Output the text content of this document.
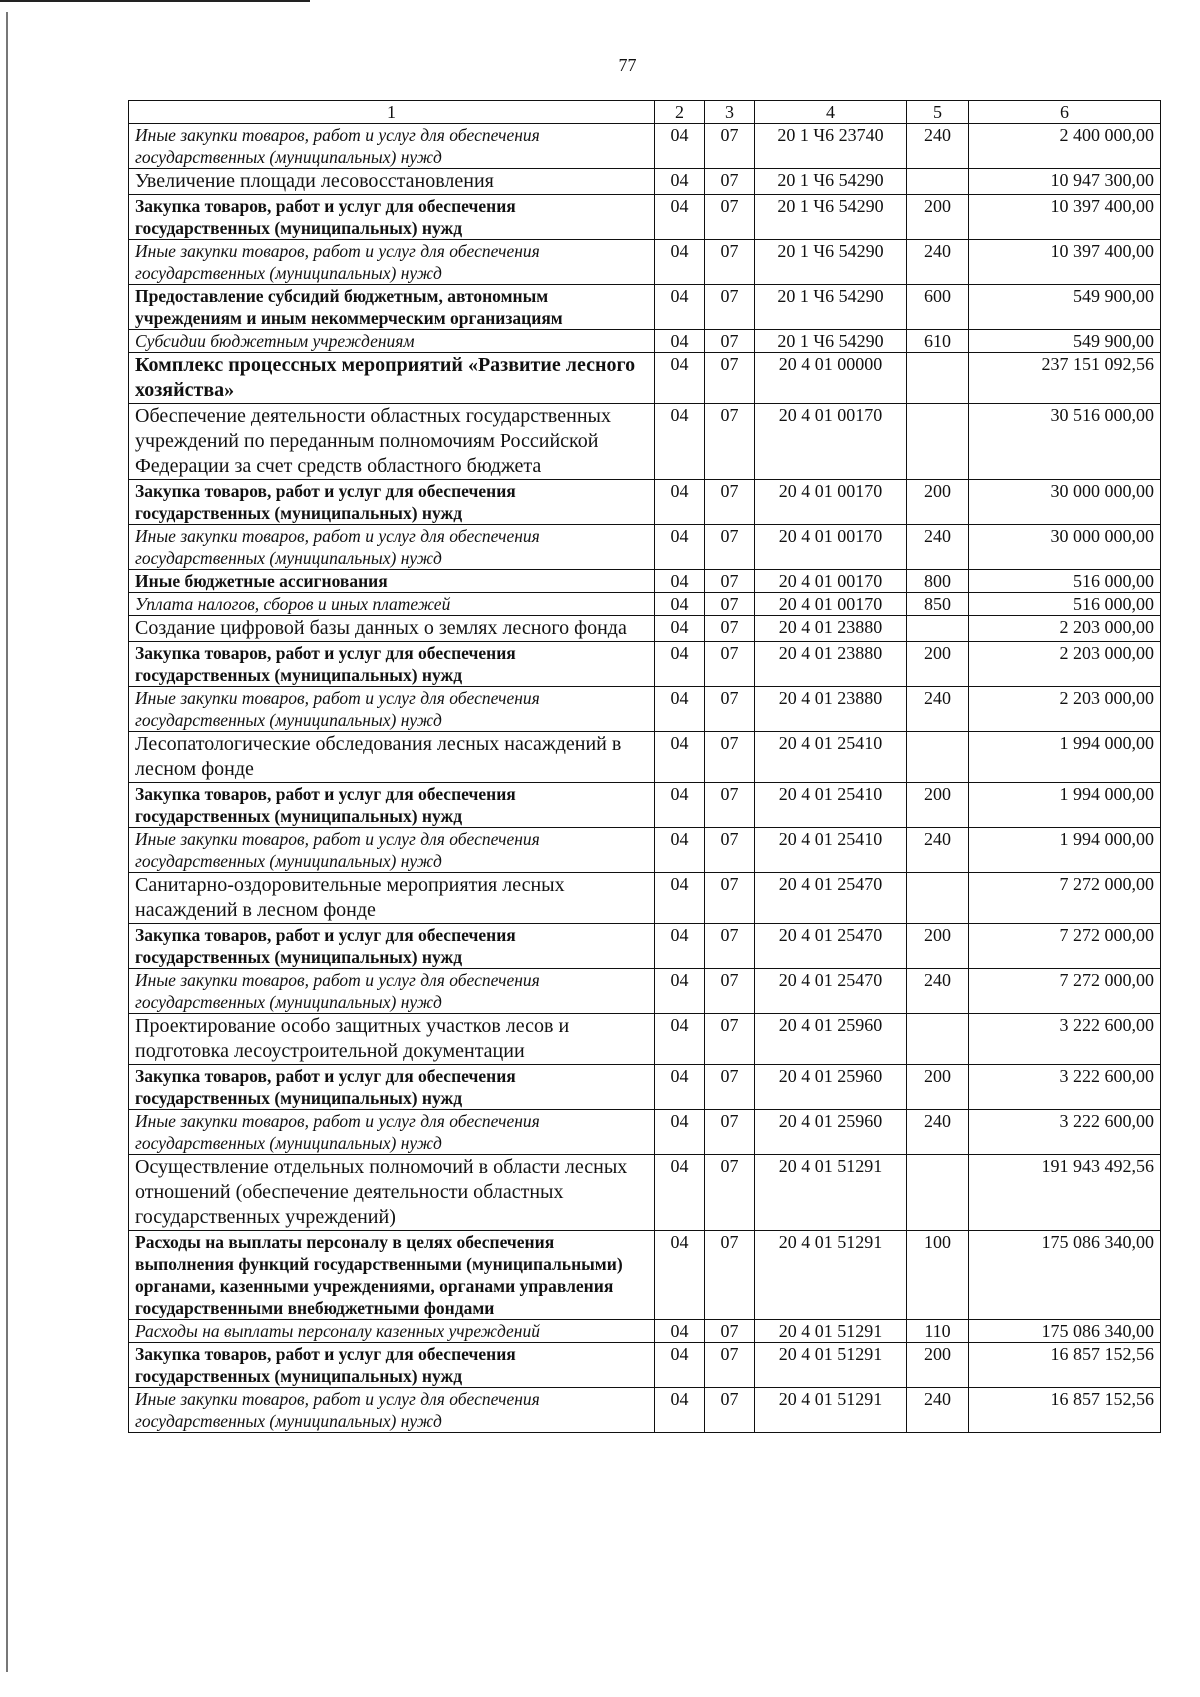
77
1	2	3	4	5	6
Иные закупки товаров, работ и услуг для обеспечения государственных (муниципальных) нужд	04	07	20 1 Ч6 23740	240	2 400 000,00
Увеличение площади лесовосстановления	04	07	20 1 Ч6 54290		10 947 300,00
Закупка товаров, работ и услуг для обеспечения государственных (муниципальных) нужд	04	07	20 1 Ч6 54290	200	10 397 400,00
Иные закупки товаров, работ и услуг для обеспечения государственных (муниципальных) нужд	04	07	20 1 Ч6 54290	240	10 397 400,00
Предоставление субсидий бюджетным, автономным учреждениям и иным некоммерческим организациям	04	07	20 1 Ч6 54290	600	549 900,00
Субсидии бюджетным учреждениям	04	07	20 1 Ч6 54290	610	549 900,00
Комплекс процессных мероприятий «Развитие лесного хозяйства»	04	07	20 4 01 00000		237 151 092,56
Обеспечение деятельности областных государственных учреждений по переданным полномочиям Российской Федерации за счет средств областного бюджета	04	07	20 4 01 00170		30 516 000,00
Закупка товаров, работ и услуг для обеспечения государственных (муниципальных) нужд	04	07	20 4 01 00170	200	30 000 000,00
Иные закупки товаров, работ и услуг для обеспечения государственных (муниципальных) нужд	04	07	20 4 01 00170	240	30 000 000,00
Иные бюджетные ассигнования	04	07	20 4 01 00170	800	516 000,00
Уплата налогов, сборов и иных платежей	04	07	20 4 01 00170	850	516 000,00
Создание цифровой базы данных о землях лесного фонда	04	07	20 4 01 23880		2 203 000,00
Закупка товаров, работ и услуг для обеспечения государственных (муниципальных) нужд	04	07	20 4 01 23880	200	2 203 000,00
Иные закупки товаров, работ и услуг для обеспечения государственных (муниципальных) нужд	04	07	20 4 01 23880	240	2 203 000,00
Лесопатологические обследования лесных насаждений в лесном фонде	04	07	20 4 01 25410		1 994 000,00
Закупка товаров, работ и услуг для обеспечения государственных (муниципальных) нужд	04	07	20 4 01 25410	200	1 994 000,00
Иные закупки товаров, работ и услуг для обеспечения государственных (муниципальных) нужд	04	07	20 4 01 25410	240	1 994 000,00
Санитарно-оздоровительные мероприятия лесных насаждений в лесном фонде	04	07	20 4 01 25470		7 272 000,00
Закупка товаров, работ и услуг для обеспечения государственных (муниципальных) нужд	04	07	20 4 01 25470	200	7 272 000,00
Иные закупки товаров, работ и услуг для обеспечения государственных (муниципальных) нужд	04	07	20 4 01 25470	240	7 272 000,00
Проектирование особо защитных участков лесов и подготовка лесоустроительной документации	04	07	20 4 01 25960		3 222 600,00
Закупка товаров, работ и услуг для обеспечения государственных (муниципальных) нужд	04	07	20 4 01 25960	200	3 222 600,00
Иные закупки товаров, работ и услуг для обеспечения государственных (муниципальных) нужд	04	07	20 4 01 25960	240	3 222 600,00
Осуществление отдельных полномочий в области лесных отношений (обеспечение деятельности областных государственных учреждений)	04	07	20 4 01 51291		191 943 492,56
Расходы на выплаты персоналу в целях обеспечения выполнения функций государственными (муниципальными) органами, казенными учреждениями, органами управления государственными внебюджетными фондами	04	07	20 4 01 51291	100	175 086 340,00
Расходы на выплаты персоналу казенных учреждений	04	07	20 4 01 51291	110	175 086 340,00
Закупка товаров, работ и услуг для обеспечения государственных (муниципальных) нужд	04	07	20 4 01 51291	200	16 857 152,56
Иные закупки товаров, работ и услуг для обеспечения государственных (муниципальных) нужд	04	07	20 4 01 51291	240	16 857 152,56
